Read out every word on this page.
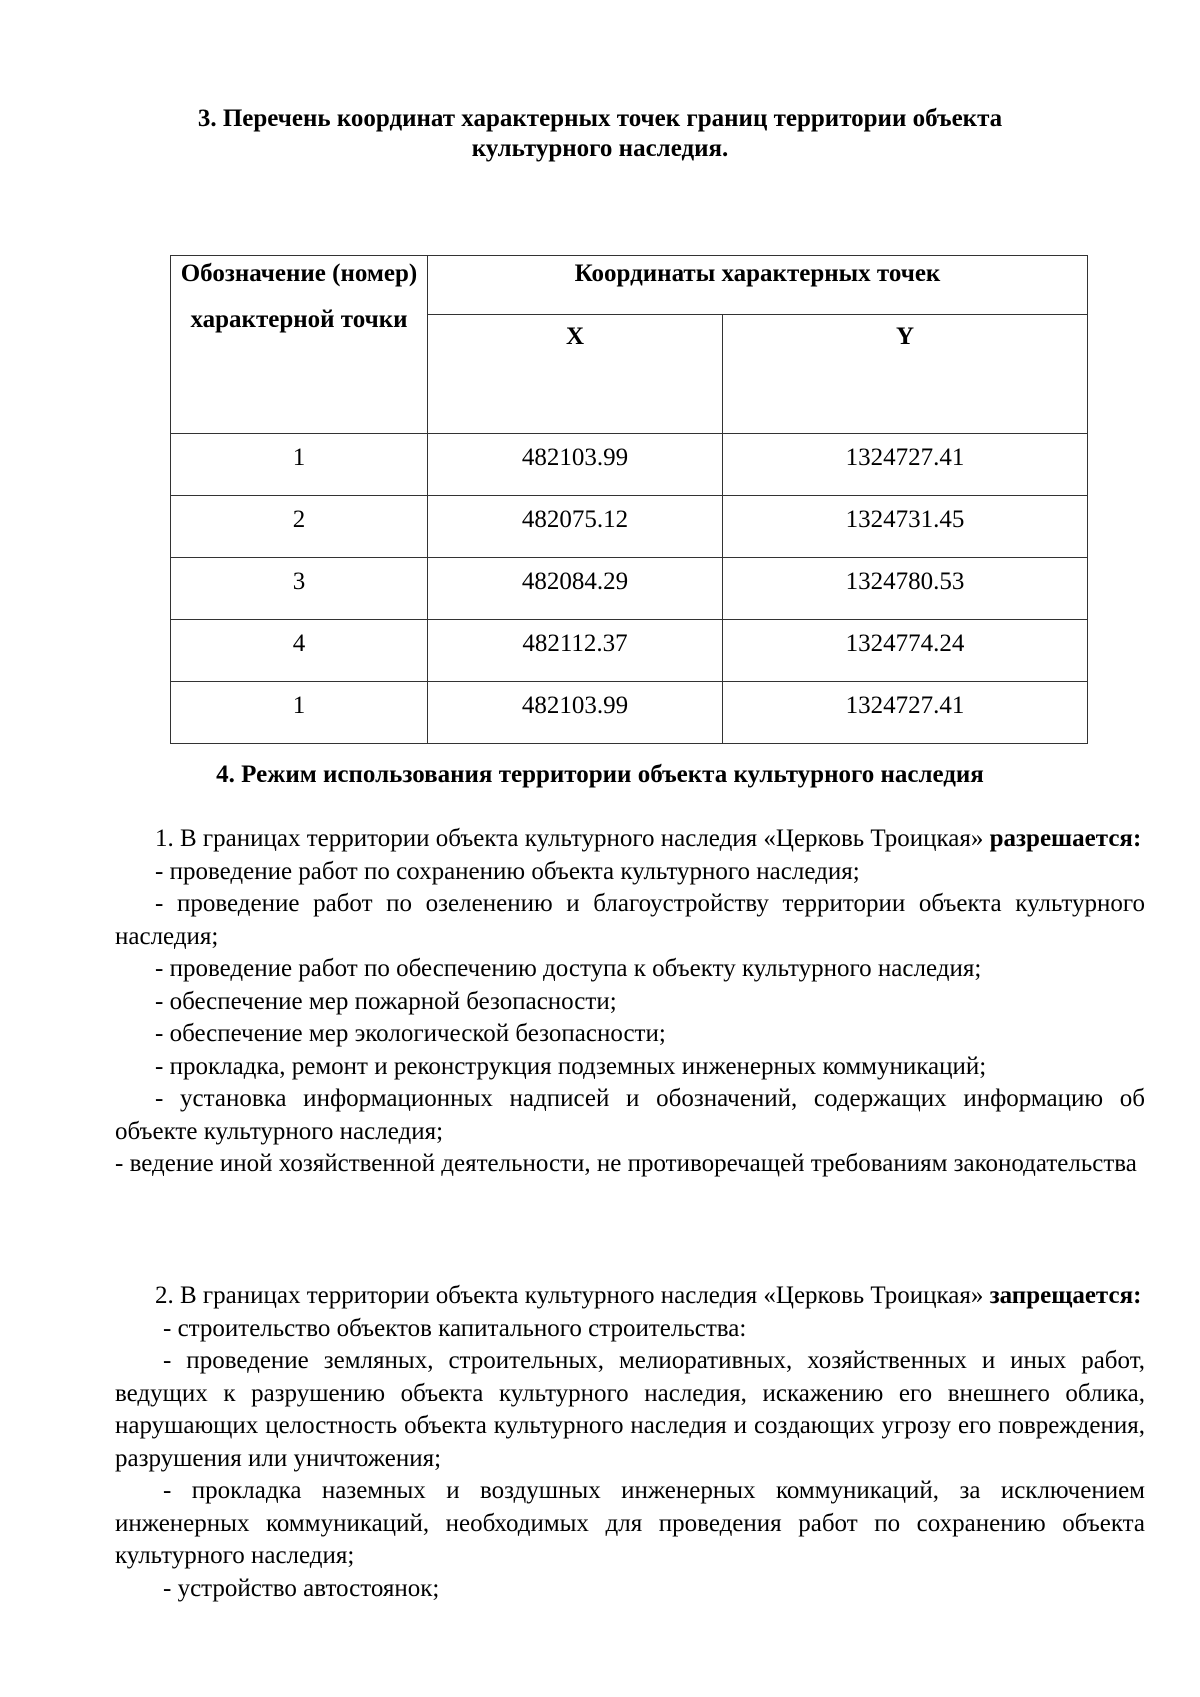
3. Перечень координат характерных точек границ территории объекта
культурного наследия.
Обозначение (номер)
характерной точки	Координаты характерных точек	
	X	Y
1	482103.99	1324727.41
2	482075.12	1324731.45
3	482084.29	1324780.53
4	482112.37	1324774.24
1	482103.99	1324727.41
4. Режим использования территории объекта культурного наследия

1. В границах территории объекта культурного наследия «Церковь Троицкая» разрешается:

- проведение работ по сохранению объекта культурного наследия;

- проведение работ по озеленению и благоустройству территории объекта культурного наследия;

- проведение работ по обеспечению доступа к объекту культурного наследия;

- обеспечение мер пожарной безопасности;

- обеспечение мер экологической безопасности;

- прокладка, ремонт и реконструкция подземных инженерных коммуникаций;

- установка информационных надписей и обозначений, содержащих информацию об объекте культурного наследия;

- ведение иной хозяйственной деятельности, не противоречащей требованиям законодательства

2. В границах территории объекта культурного наследия «Церковь Троицкая» запрещается:

- строительство объектов капитального строительства:

- проведение земляных, строительных, мелиоративных, хозяйственных и иных работ, ведущих к разрушению объекта культурного наследия, искажению его внешнего облика, нарушающих целостность объекта культурного наследия и создающих угрозу его повреждения, разрушения или уничтожения;

- прокладка наземных и воздушных инженерных коммуникаций, за исключением инженерных коммуникаций, необходимых для проведения работ по сохранению объекта культурного наследия;

- устройство автостоянок;
